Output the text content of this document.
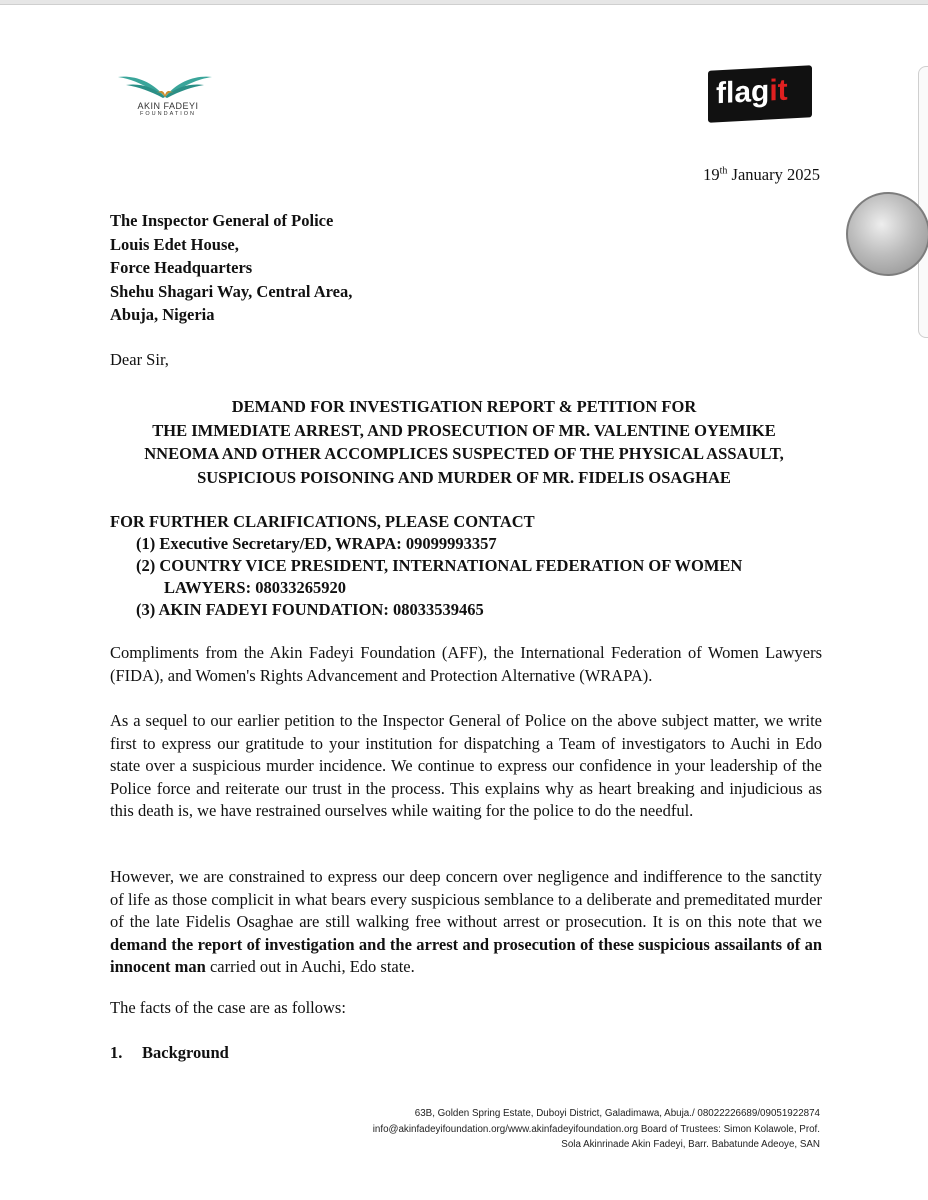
AKIN FADEYI
FOUNDATION
flagit
19th January 2025
The Inspector General of Police
Louis Edet House,
Force Headquarters
Shehu Shagari Way, Central Area,
Abuja, Nigeria
Dear Sir,
DEMAND FOR INVESTIGATION REPORT & PETITION FOR
THE IMMEDIATE ARREST, AND PROSECUTION OF MR. VALENTINE OYEMIKE
NNEOMA AND OTHER ACCOMPLICES SUSPECTED OF THE PHYSICAL ASSAULT,
SUSPICIOUS POISONING AND MURDER OF MR. FIDELIS OSAGHAE
FOR FURTHER CLARIFICATIONS, PLEASE CONTACT
(1) Executive Secretary/ED, WRAPA: 09099993357
(2) COUNTRY VICE PRESIDENT, INTERNATIONAL FEDERATION OF WOMEN LAWYERS: 08033265920
(3) AKIN FADEYI FOUNDATION: 08033539465

Compliments from the Akin Fadeyi Foundation (AFF), the International Federation of Women Lawyers (FIDA), and Women's Rights Advancement and Protection Alternative (WRAPA).

As a sequel to our earlier petition to the Inspector General of Police on the above subject matter, we write first to express our gratitude to your institution for dispatching a Team of investigators to Auchi in Edo state over a suspicious murder incidence. We continue to express our confidence in your leadership of the Police force and reiterate our trust in the process. This explains why as heart breaking and injudicious as this death is, we have restrained ourselves while waiting for the police to do the needful.

However, we are constrained to express our deep concern over negligence and indifference to the sanctity of life as those complicit in what bears every suspicious semblance to a deliberate and premeditated murder of the late Fidelis Osaghae are still walking free without arrest or prosecution. It is on this note that we demand the report of investigation and the arrest and prosecution of these suspicious assailants of an innocent man carried out in Auchi, Edo state.

The facts of the case are as follows:

1. Background
63B, Golden Spring Estate, Duboyi District, Galadimawa, Abuja./ 08022226689/09051922874
info@akinfadeyifoundation.org/www.akinfadeyifoundation.org Board of Trustees: Simon Kolawole, Prof.
Sola Akinrinade Akin Fadeyi, Barr. Babatunde Adeoye, SAN
